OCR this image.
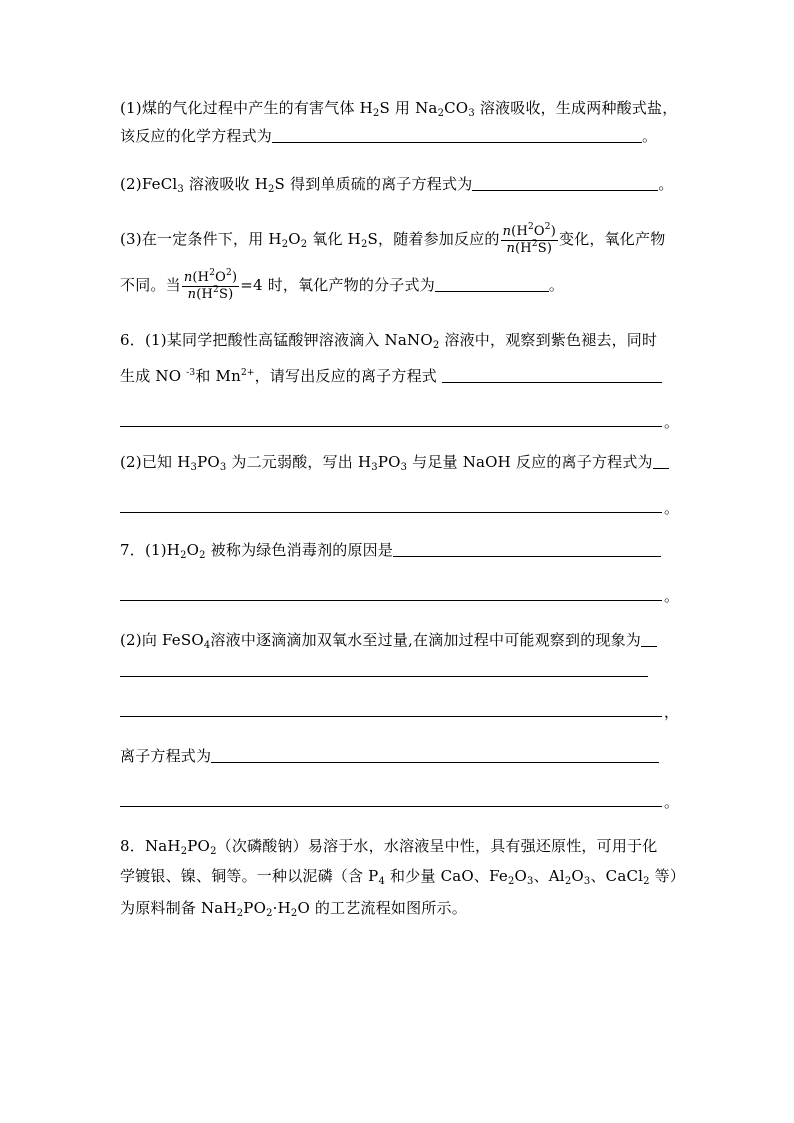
(1)煤的气化过程中产生的有害气体 $H_2S$ 用 $Na_2CO_3$ 溶液吸收，生成两种酸式盐，
该反应的化学方程式为	。
(2)FeCl$_3$ 溶液吸收 $H_2S$ 得到单质硫的离子方程式为	。
(3)在一定条件下，用 $H_2O_2$ 氧化 $H_2S$，随着参加反应的 $\frac{n(H^2O^2)}{n(H^2S)}$ 变化，氧化产物
不同。当 $\frac{n(H^2O^2)}{n(H^2S)} =4$ 时，氧化产物的分子式为	。
6．(1)某同学把酸性高锰酸钾溶液滴入 NaNO$_2$ 溶液中，观察到紫色褪去，同时
生成 NO $^{-3}$和 $Mn^{2+}$，请写出反应的离子方程式
。
(2)已知 $H_3PO_3$ 为二元弱酸，写出 $H_3PO_3$ 与足量 NaOH 反应的离子方程式为
。
7．$(1)H_2O_2$ 被称为绿色消毒剂的原因是
。
(2)向 FeSO$_4$溶液中逐滴滴加双氧水至过量,在滴加过程中可能观察到的现象为
，
离子方程式为
。
8．$NaH_2PO_2$（次磷酸钠）易溶于水，水溶液呈中性，具有强还原性，可用于化
学镀银、镍、铜等。一种以泥磷（含 $P_4$ 和少量 CaO、$Fe_2O_3$、$Al_2O_3$、CaCl$_2$ 等）
为原料制备 $NaH_2PO_2\cdot H_2O$ 的工艺流程如图所示。
